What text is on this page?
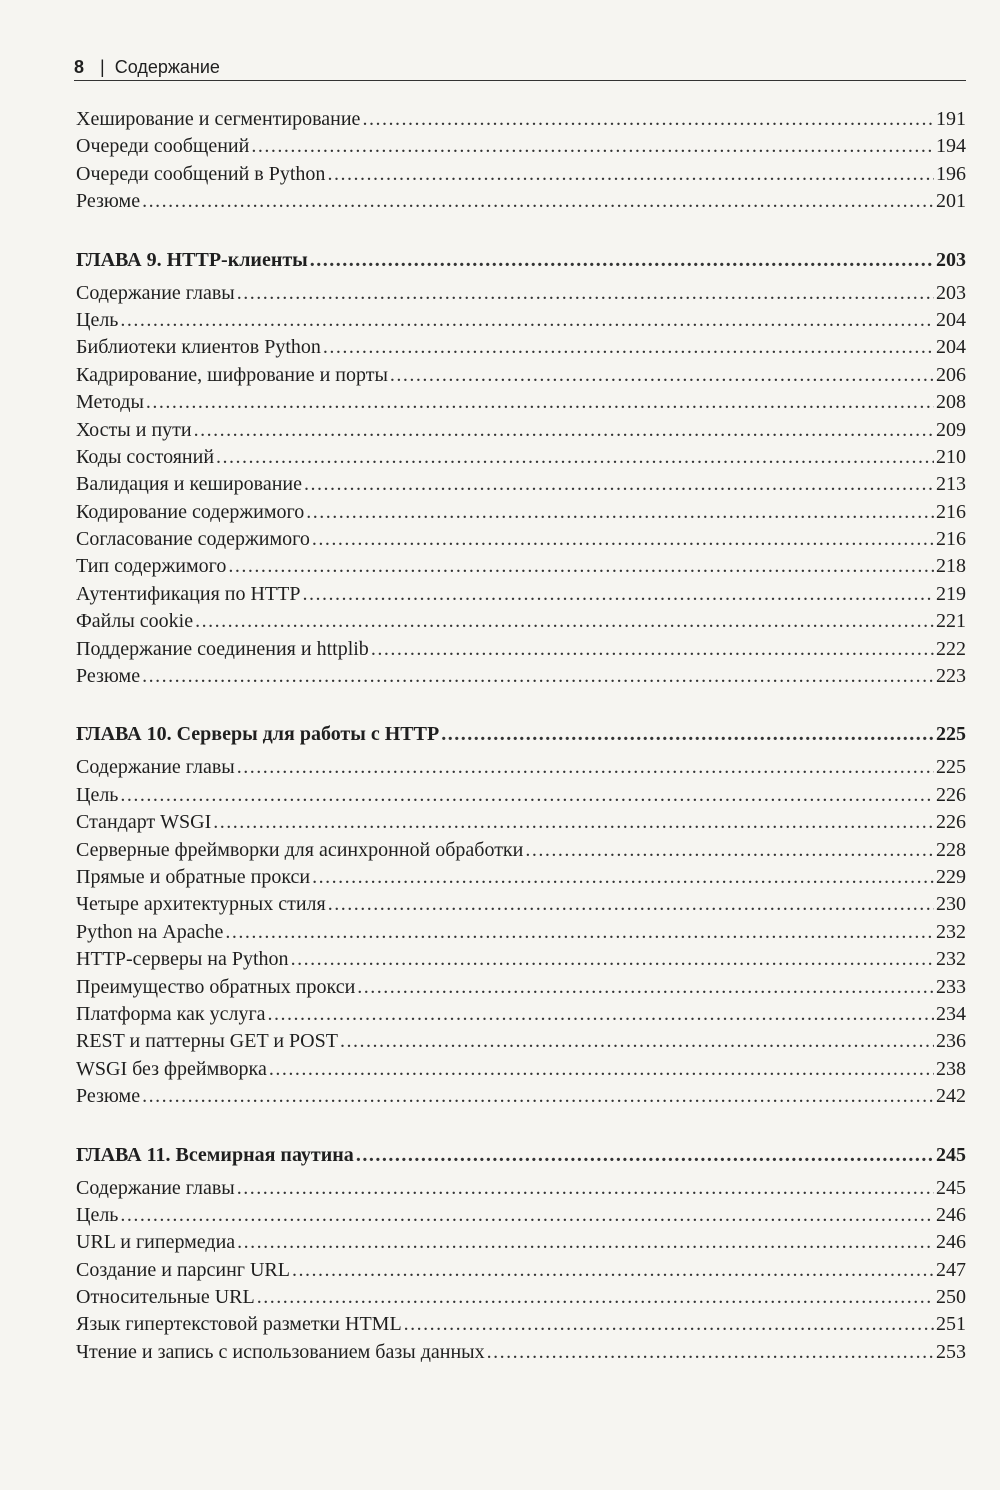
8 | Содержание
Хеширование и сегментирование .....	191
Очереди сообщений .....	194
Очереди сообщений в Python .....	196
Резюме .....	201
ГЛАВА 9. HTTP-клиенты .....	203
Содержание главы .....	203
Цель .....	204
Библиотеки клиентов Python .....	204
Кадрирование, шифрование и порты .....	206
Методы .....	208
Хосты и пути .....	209
Коды состояний .....	210
Валидация и кеширование .....	213
Кодирование содержимого .....	216
Согласование содержимого .....	216
Тип содержимого .....	218
Аутентификация по HTTP .....	219
Файлы cookie .....	221
Поддержание соединения и httplib .....	222
Резюме .....	223
ГЛАВА 10. Серверы для работы с HTTP .....	225
Содержание главы .....	225
Цель .....	226
Стандарт WSGI .....	226
Серверные фреймворки для асинхронной обработки .....	228
Прямые и обратные прокси .....	229
Четыре архитектурных стиля .....	230
Python на Apache .....	232
HTTP-серверы на Python .....	232
Преимущество обратных прокси .....	233
Платформа как услуга .....	234
REST и паттерны GET и POST .....	236
WSGI без фреймворка .....	238
Резюме .....	242
ГЛАВА 11. Всемирная паутина .....	245
Содержание главы .....	245
Цель .....	246
URL и гипермедиа .....	246
Создание и парсинг URL .....	247
Относительные URL .....	250
Язык гипертекстовой разметки HTML .....	251
Чтение и запись с использованием базы данных .....	253
